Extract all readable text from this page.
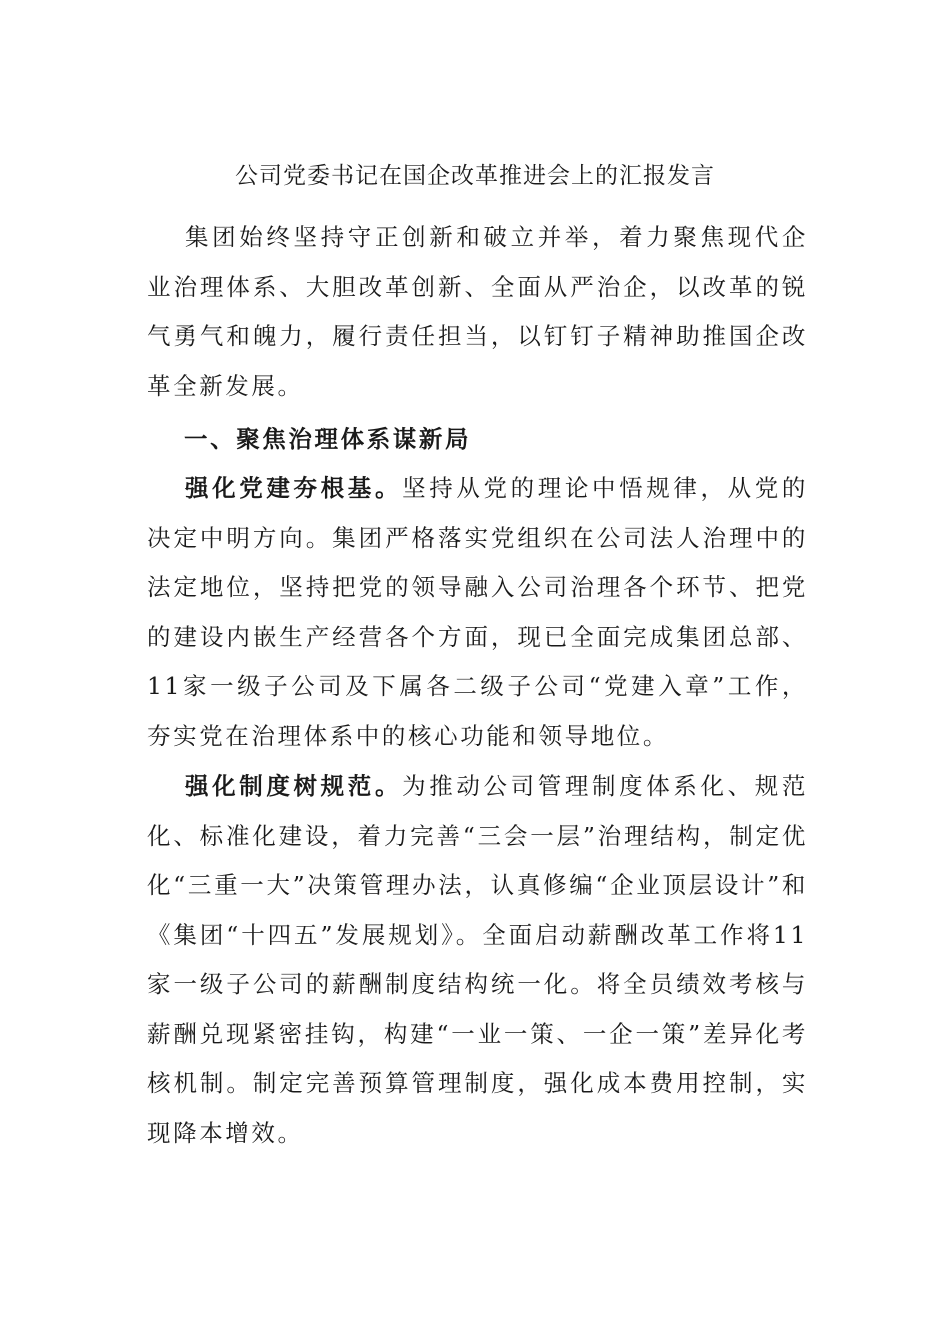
公司党委书记在国企改革推进会上的汇报发言

集团始终坚持守正创新和破立并举，着力聚焦现代企业治理体系、大胆改革创新、全面从严治企，以改革的锐气勇气和魄力，履行责任担当，以钉钉子精神助推国企改革全新发展。

一、聚焦治理体系谋新局

强化党建夯根基。坚持从党的理论中悟规律，从党的决定中明方向。集团严格落实党组织在公司法人治理中的法定地位，坚持把党的领导融入公司治理各个环节、把党的建设内嵌生产经营各个方面，现已全面完成集团总部、11家一级子公司及下属各二级子公司“党建入章”工作，夯实党在治理体系中的核心功能和领导地位。

强化制度树规范。为推动公司管理制度体系化、规范化、标准化建设，着力完善“三会一层”治理结构，制定优化“三重一大”决策管理办法，认真修编“企业顶层设计”和《集团“十四五”发展规划》。全面启动薪酬改革工作将11家一级子公司的薪酬制度结构统一化。将全员绩效考核与薪酬兑现紧密挂钩，构建“一业一策、一企一策”差异化考核机制。制定完善预算管理制度，强化成本费用控制，实现降本增效。
